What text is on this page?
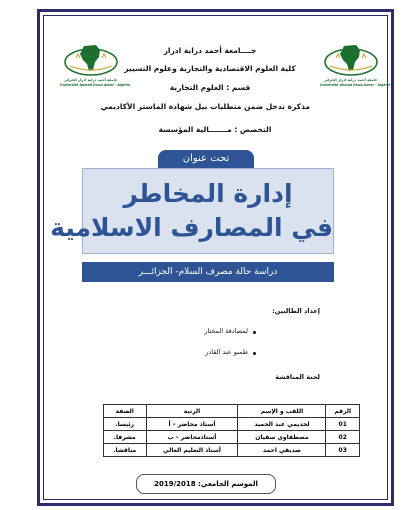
جامعة أحمد دراية ادرار الجزائر
Université Ahmed Draia Adrar - Algérie
جامعة أحمد دراية ادرار الجزائر
Université Ahmed Draia Adrar - Algérie
جــــامعة أحمد دراية ادرار
كلية العلوم الاقتصادية والتجارية وعلوم التسيير
قسم : العلوم التجارية
مذكرة تدخل ضمن متطلبات نيل شهادة الماستر الأكاديمي
التخصص : مـــــــالية المؤسسة
تحت عنوان
إدارة المخاطر
في المصارف الاسلامية
دراسة حالة مصرف السلام- الجزائـــر
إعداد الطالبين:
لمصادفة المختار
طمبو عبد القادر
لجنة المناقشة
الرقم	اللقب و الإسم	الرتبة	الصفة
01	لخديمي عبد الحميد	أستاذ محاضر – أ	رئيسا.
02	مصطفاوي سفيان	أستاذمحاضر – ب	مشرفا.
03	صديقي احمد	أستاذ التعليم العالي	مناقشا.
الموسم الجامعي: 2019/2018
